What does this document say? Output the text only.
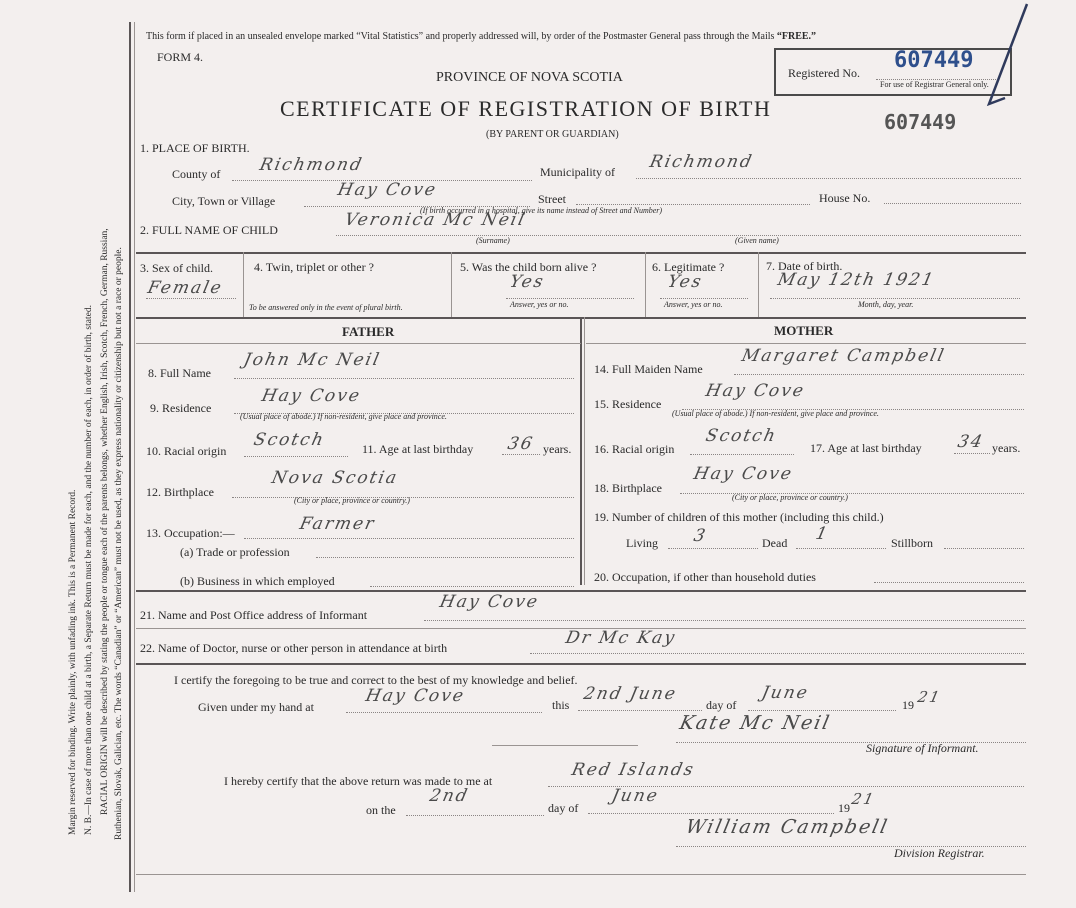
Margin reserved for binding. Write plainly, with unfading ink. This is a Permanent Record. N. B.—In case of more than one child at a birth, a Separate Return must be made for each, and the number of each, in order of birth, stated. RACIAL ORIGIN will be described by stating the people or tongue each of the parents belongs, whether English, Irish, Scotch, French, German, Russian, Ruthenian, Slovak, Galician, etc. The words “Canadian” or “American” must not be used, as they express nationality or citizenship but not a race or people.
This form if placed in an unsealed envelope marked “Vital Statistics” and properly addressed will, by order of the Postmaster General pass through the Mails “FREE.”
FORM 4.
PROVINCE OF NOVA SCOTIA
CERTIFICATE OF REGISTRATION OF BIRTH
(BY PARENT OR GUARDIAN)
Registered No. 607449
For use of Registrar General only.
607449
1. PLACE OF BIRTH.
County of Richmond	Municipality of Richmond
City, Town or Village
Hay Cove	Street	House No.
(If birth occurred in a hospital, give its name instead of Street and Number)
2. FULL NAME OF CHILD	Veronica Mc Neil
(Surname)	(Given name)
3. Sex of child.
Female
4. Twin, triplet or other ?
To be answered only in the event of plural birth.
5. Was the child born alive ?
Yes
Answer, yes or no.
6. Legitimate ?
Yes
Answer, yes or no.
7. Date of birth.
May 12th 1921
Month, day, year.
FATHER	MOTHER
8. Full Name
John Mc Neil
9. Residence
Hay Cove
(Usual place of abode.) If non-resident, give place and province.
10. Racial origin
Scotch	11. Age at last birthday 36 years.
12. Birthplace
Nova Scotia
(City or place, province or country.)
13. Occupation:—	Farmer
(a) Trade or profession
(b) Business in which employed
14. Full Maiden Name
Margaret Campbell
15. Residence
Hay Cove
(Usual place of abode.) If non-resident, give place and province.
16. Racial origin
Scotch
17. Age at last birthday 34 years.
18. Birthplace
Hay Cove
(City or place, province or country.)
19. Number of children of this mother (including this child.)
Living 3	Dead 1	Stillborn
20. Occupation, if other than household duties
21. Name and Post Office address of Informant
Hay Cove
22. Name of Doctor, nurse or other person in attendance at birth	Dr Mc Kay
I certify the foregoing to be true and correct to the best of my knowledge and belief.
Given under my hand at
Hay Cove	this
2nd June
day of
June
19 21
Kate Mc Neil
Signature of Informant.
I hereby certify that the above return was made to me at
Red Islands
on the
2nd
day of
June
19 21
William Campbell
Division Registrar.
